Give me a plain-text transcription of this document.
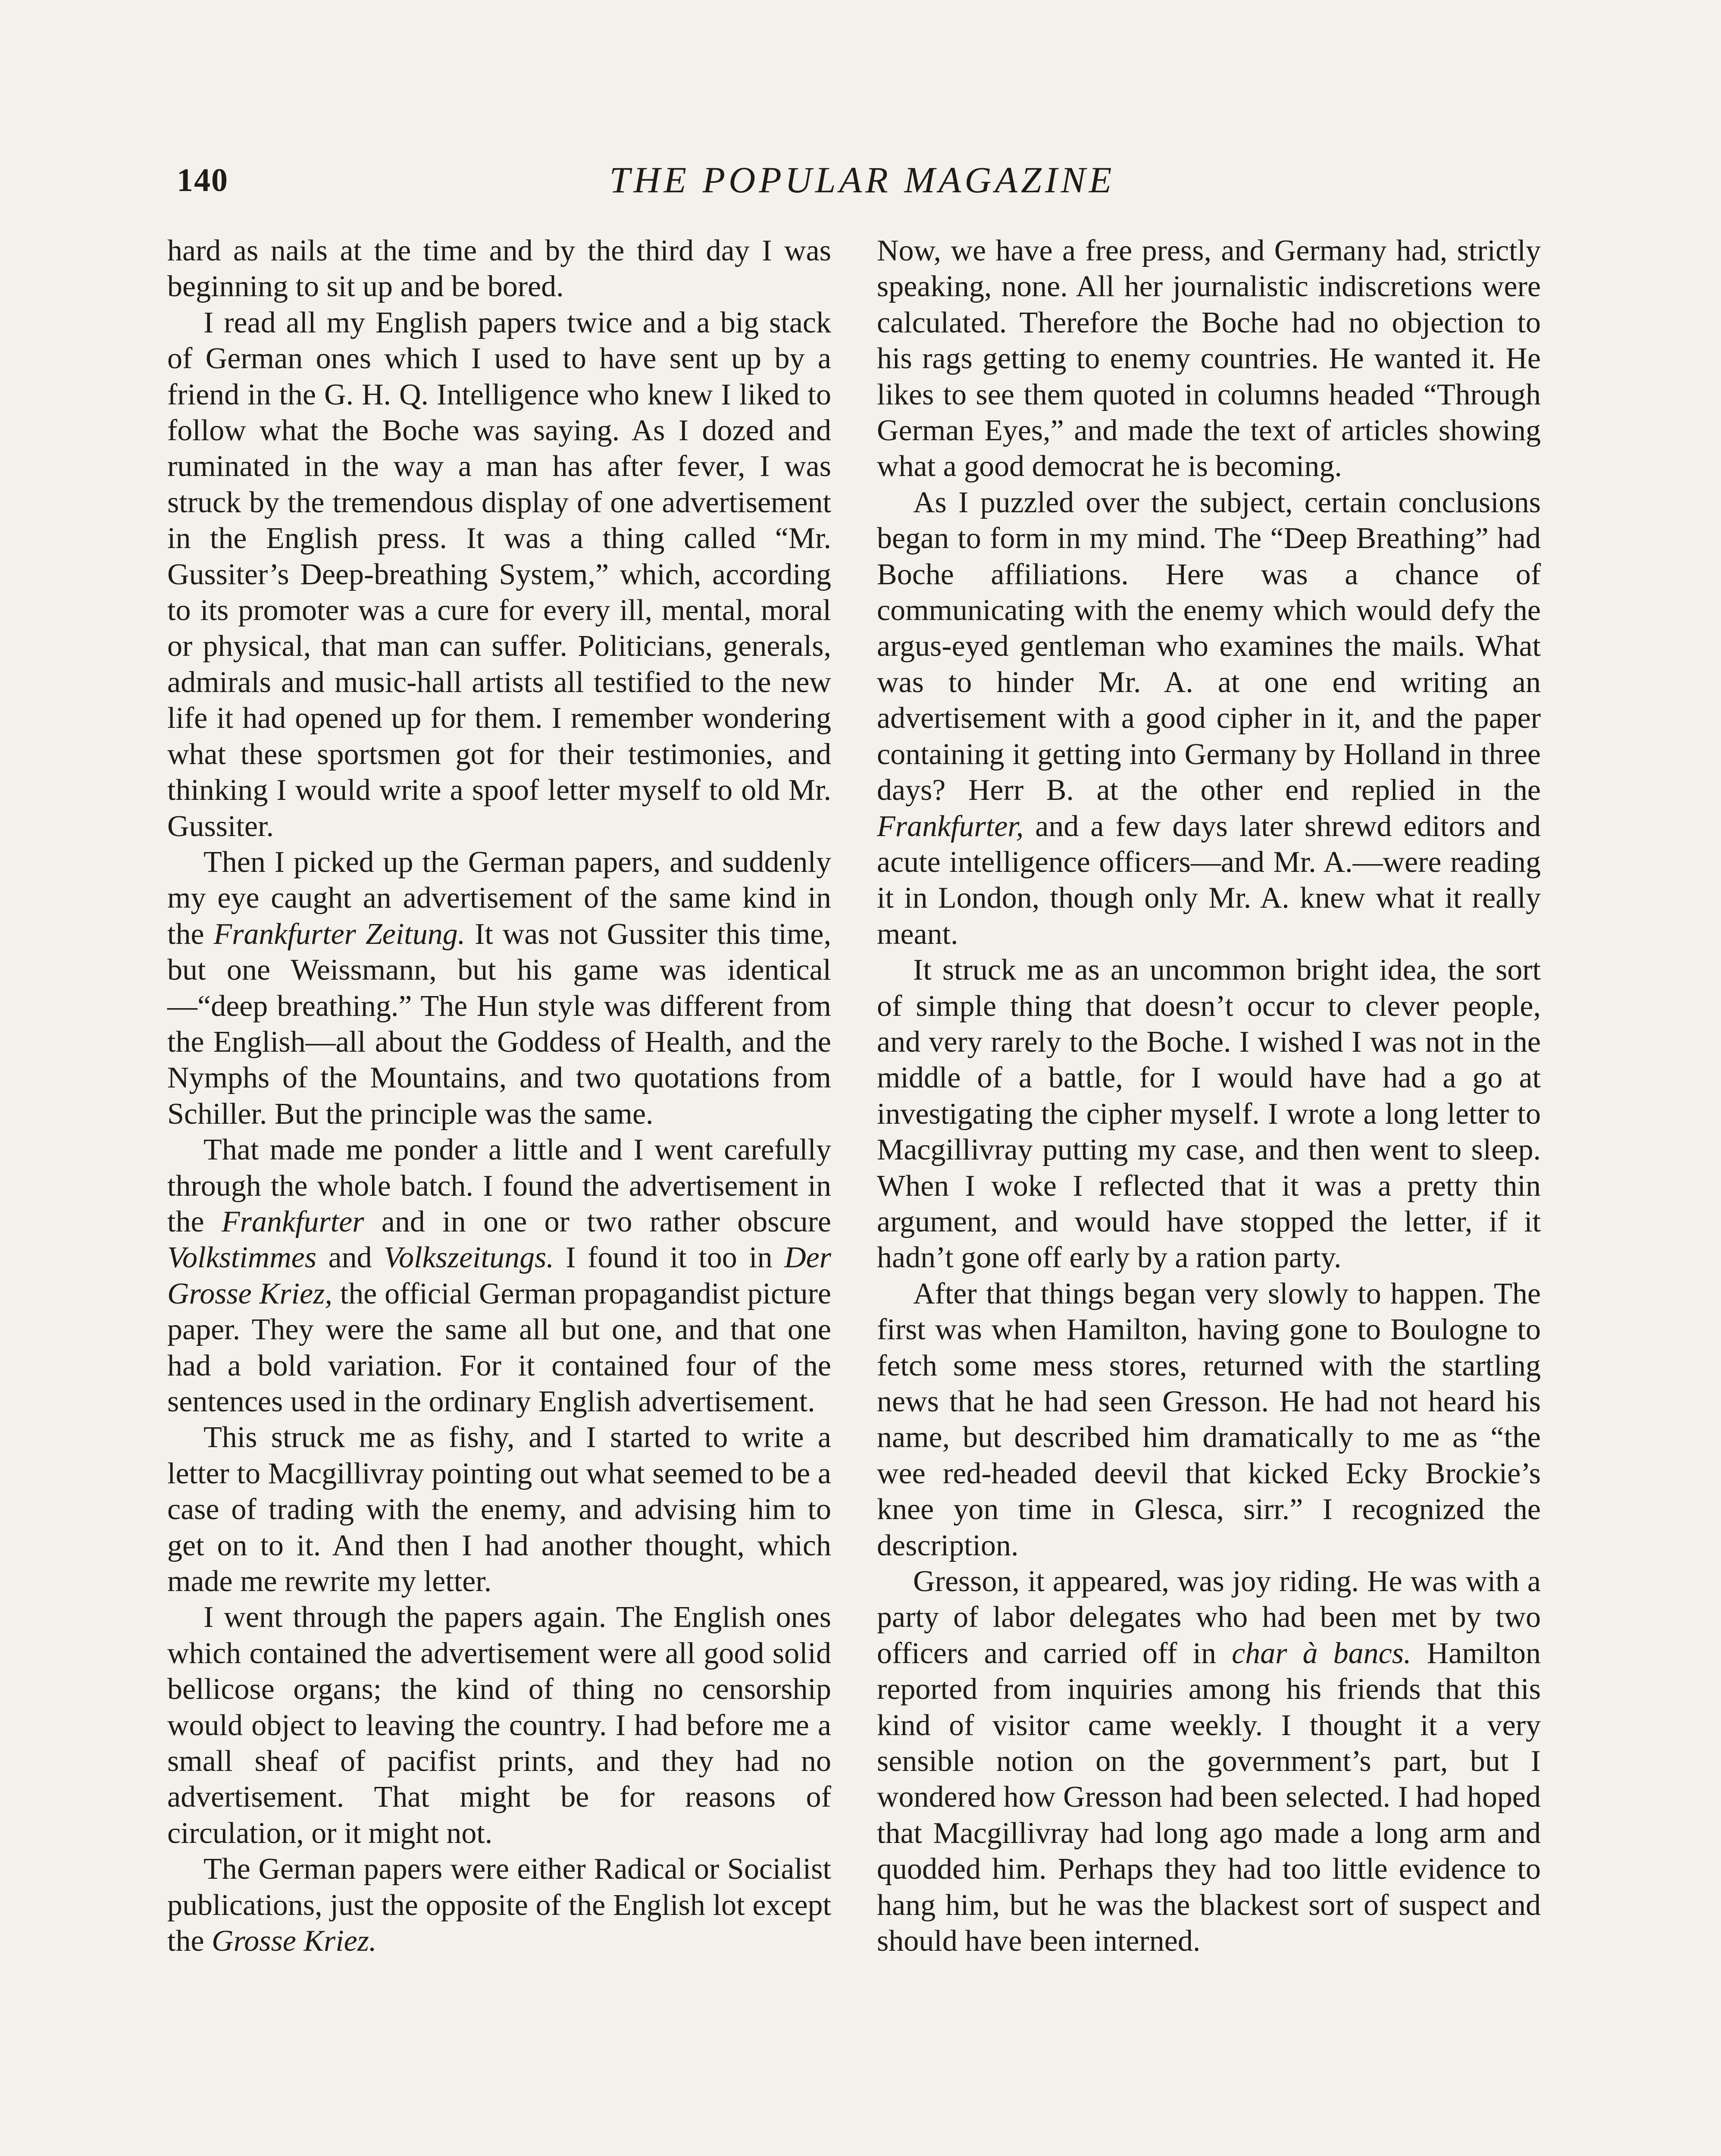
140	THE POPULAR MAGAZINE

hard as nails at the time and by the third day I was beginning to sit up and be bored.

I read all my English papers twice and a big stack of German ones which I used to have sent up by a friend in the G. H. Q. Intelligence who knew I liked to follow what the Boche was saying. As I dozed and ruminated in the way a man has after fever, I was struck by the tremendous display of one advertisement in the English press. It was a thing called “Mr. Gussiter’s Deep-breathing System,” which, according to its promoter was a cure for every ill, mental, moral or physical, that man can suffer. Politicians, generals, admirals and music-hall artists all testified to the new life it had opened up for them. I remember wondering what these sportsmen got for their testimonies, and thinking I would write a spoof letter myself to old Mr. Gussiter.

Then I picked up the German papers, and suddenly my eye caught an advertisement of the same kind in the Frankfurter Zeitung. It was not Gussiter this time, but one Weissmann, but his game was identical—“deep breathing.” The Hun style was different from the English—all about the Goddess of Health, and the Nymphs of the Mountains, and two quotations from Schiller. But the principle was the same.

That made me ponder a little and I went carefully through the whole batch. I found the advertisement in the Frankfurter and in one or two rather obscure Volkstimmes and Volkszeitungs. I found it too in Der Grosse Kriez, the official German propagandist picture paper. They were the same all but one, and that one had a bold variation. For it contained four of the sentences used in the ordinary English advertisement.

This struck me as fishy, and I started to write a letter to Macgillivray pointing out what seemed to be a case of trading with the enemy, and advising him to get on to it. And then I had another thought, which made me rewrite my letter.

I went through the papers again. The English ones which contained the advertisement were all good solid bellicose organs; the kind of thing no censorship would object to leaving the country. I had before me a small sheaf of pacifist prints, and they had no advertisement. That might be for reasons of circulation, or it might not.

The German papers were either Radical or Socialist publications, just the opposite of the English lot except the Grosse Kriez.

Now, we have a free press, and Germany had, strictly speaking, none. All her journalistic indiscretions were calculated. Therefore the Boche had no objection to his rags getting to enemy countries. He wanted it. He likes to see them quoted in columns headed “Through German Eyes,” and made the text of articles showing what a good democrat he is becoming.

As I puzzled over the subject, certain conclusions began to form in my mind. The “Deep Breathing” had Boche affiliations. Here was a chance of communicating with the enemy which would defy the argus-eyed gentleman who examines the mails. What was to hinder Mr. A. at one end writing an advertisement with a good cipher in it, and the paper containing it getting into Germany by Holland in three days? Herr B. at the other end replied in the Frankfurter, and a few days later shrewd editors and acute intelligence officers—and Mr. A.—were reading it in London, though only Mr. A. knew what it really meant.

It struck me as an uncommon bright idea, the sort of simple thing that doesn’t occur to clever people, and very rarely to the Boche. I wished I was not in the middle of a battle, for I would have had a go at investigating the cipher myself. I wrote a long letter to Macgillivray putting my case, and then went to sleep. When I woke I reflected that it was a pretty thin argument, and would have stopped the letter, if it hadn’t gone off early by a ration party.

After that things began very slowly to happen. The first was when Hamilton, having gone to Boulogne to fetch some mess stores, returned with the startling news that he had seen Gresson. He had not heard his name, but described him dramatically to me as “the wee red-headed deevil that kicked Ecky Brockie’s knee yon time in Glesca, sirr.” I recognized the description.

Gresson, it appeared, was joy riding. He was with a party of labor delegates who had been met by two officers and carried off in char à bancs. Hamilton reported from inquiries among his friends that this kind of visitor came weekly. I thought it a very sensible notion on the government’s part, but I wondered how Gresson had been selected. I had hoped that Macgillivray had long ago made a long arm and quodded him. Perhaps they had too little evidence to hang him, but he was the blackest sort of suspect and should have been interned.
